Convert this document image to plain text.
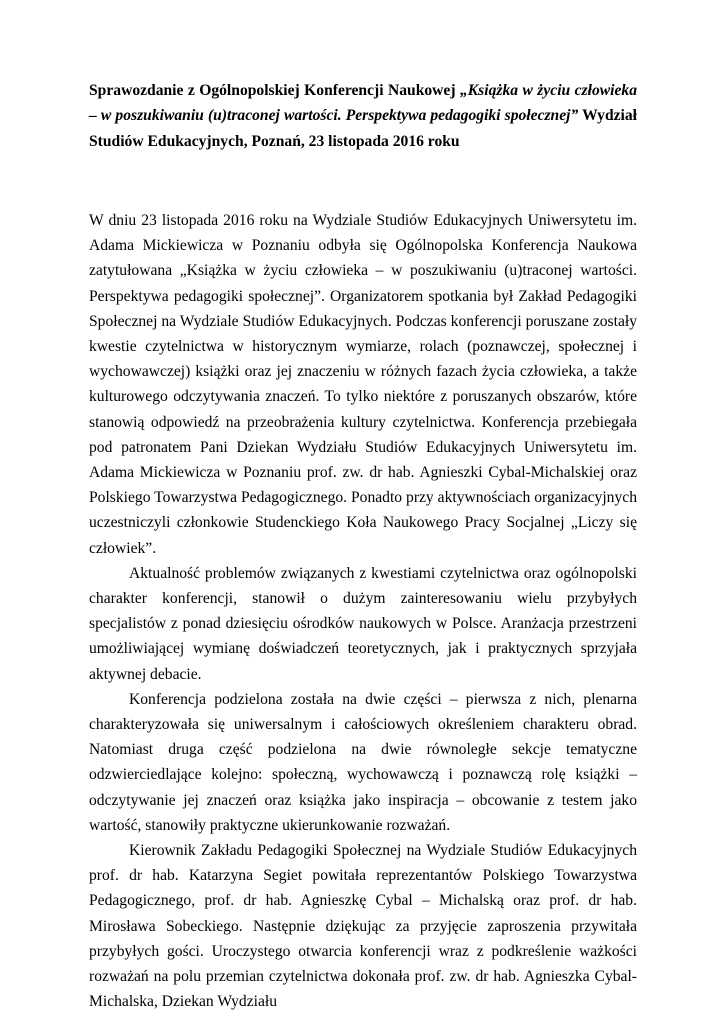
Sprawozdanie z Ogólnopolskiej Konferencji Naukowej „Książka w życiu człowieka – w poszukiwaniu (u)traconej wartości. Perspektywa pedagogiki społecznej” Wydział Studiów Edukacyjnych, Poznań, 23 listopada 2016 roku

W dniu 23 listopada 2016 roku na Wydziale Studiów Edukacyjnych Uniwersytetu im. Adama Mickiewicza w Poznaniu odbyła się Ogólnopolska Konferencja Naukowa zatytułowana „Książka w życiu człowieka – w poszukiwaniu (u)traconej wartości. Perspektywa pedagogiki społecznej”. Organizatorem spotkania był Zakład Pedagogiki Społecznej na Wydziale Studiów Edukacyjnych. Podczas konferencji poruszane zostały kwestie czytelnictwa w historycznym wymiarze, rolach (poznawczej, społecznej i wychowawczej) książki oraz jej znaczeniu w różnych fazach życia człowieka, a także kulturowego odczytywania znaczeń. To tylko niektóre z poruszanych obszarów, które stanowią odpowiedź na przeobrażenia kultury czytelnictwa. Konferencja przebiegała pod patronatem Pani Dziekan Wydziału Studiów Edukacyjnych Uniwersytetu im. Adama Mickiewicza w Poznaniu prof. zw. dr hab. Agnieszki Cybal-Michalskiej oraz Polskiego Towarzystwa Pedagogicznego. Ponadto przy aktywnościach organizacyjnych uczestniczyli członkowie Studenckiego Koła Naukowego Pracy Socjalnej „Liczy się człowiek”.

Aktualność problemów związanych z kwestiami czytelnictwa oraz ogólnopolski charakter konferencji, stanowił o dużym zainteresowaniu wielu przybyłych specjalistów z ponad dziesięciu ośrodków naukowych w Polsce. Aranżacja przestrzeni umożliwiającej wymianę doświadczeń teoretycznych, jak i praktycznych sprzyjała aktywnej debacie.

Konferencja podzielona została na dwie części – pierwsza z nich, plenarna charakteryzowała się uniwersalnym i całościowych określeniem charakteru obrad. Natomiast druga część podzielona na dwie równoległe sekcje tematyczne odzwierciedlające kolejno: społeczną, wychowawczą i poznawczą rolę książki – odczytywanie jej znaczeń oraz książka jako inspiracja – obcowanie z testem jako wartość, stanowiły praktyczne ukierunkowanie rozważań.

Kierownik Zakładu Pedagogiki Społecznej na Wydziale Studiów Edukacyjnych prof. dr hab. Katarzyna Segiet powitała reprezentantów Polskiego Towarzystwa Pedagogicznego, prof. dr hab. Agnieszkę Cybal – Michalską oraz prof. dr hab. Mirosława Sobeckiego. Następnie dziękując za przyjęcie zaproszenia przywitała przybyłych gości. Uroczystego otwarcia konferencji wraz z podkreślenie ważkości rozważań na polu przemian czytelnictwa dokonała prof. zw. dr hab. Agnieszka Cybal-Michalska, Dziekan Wydziału
